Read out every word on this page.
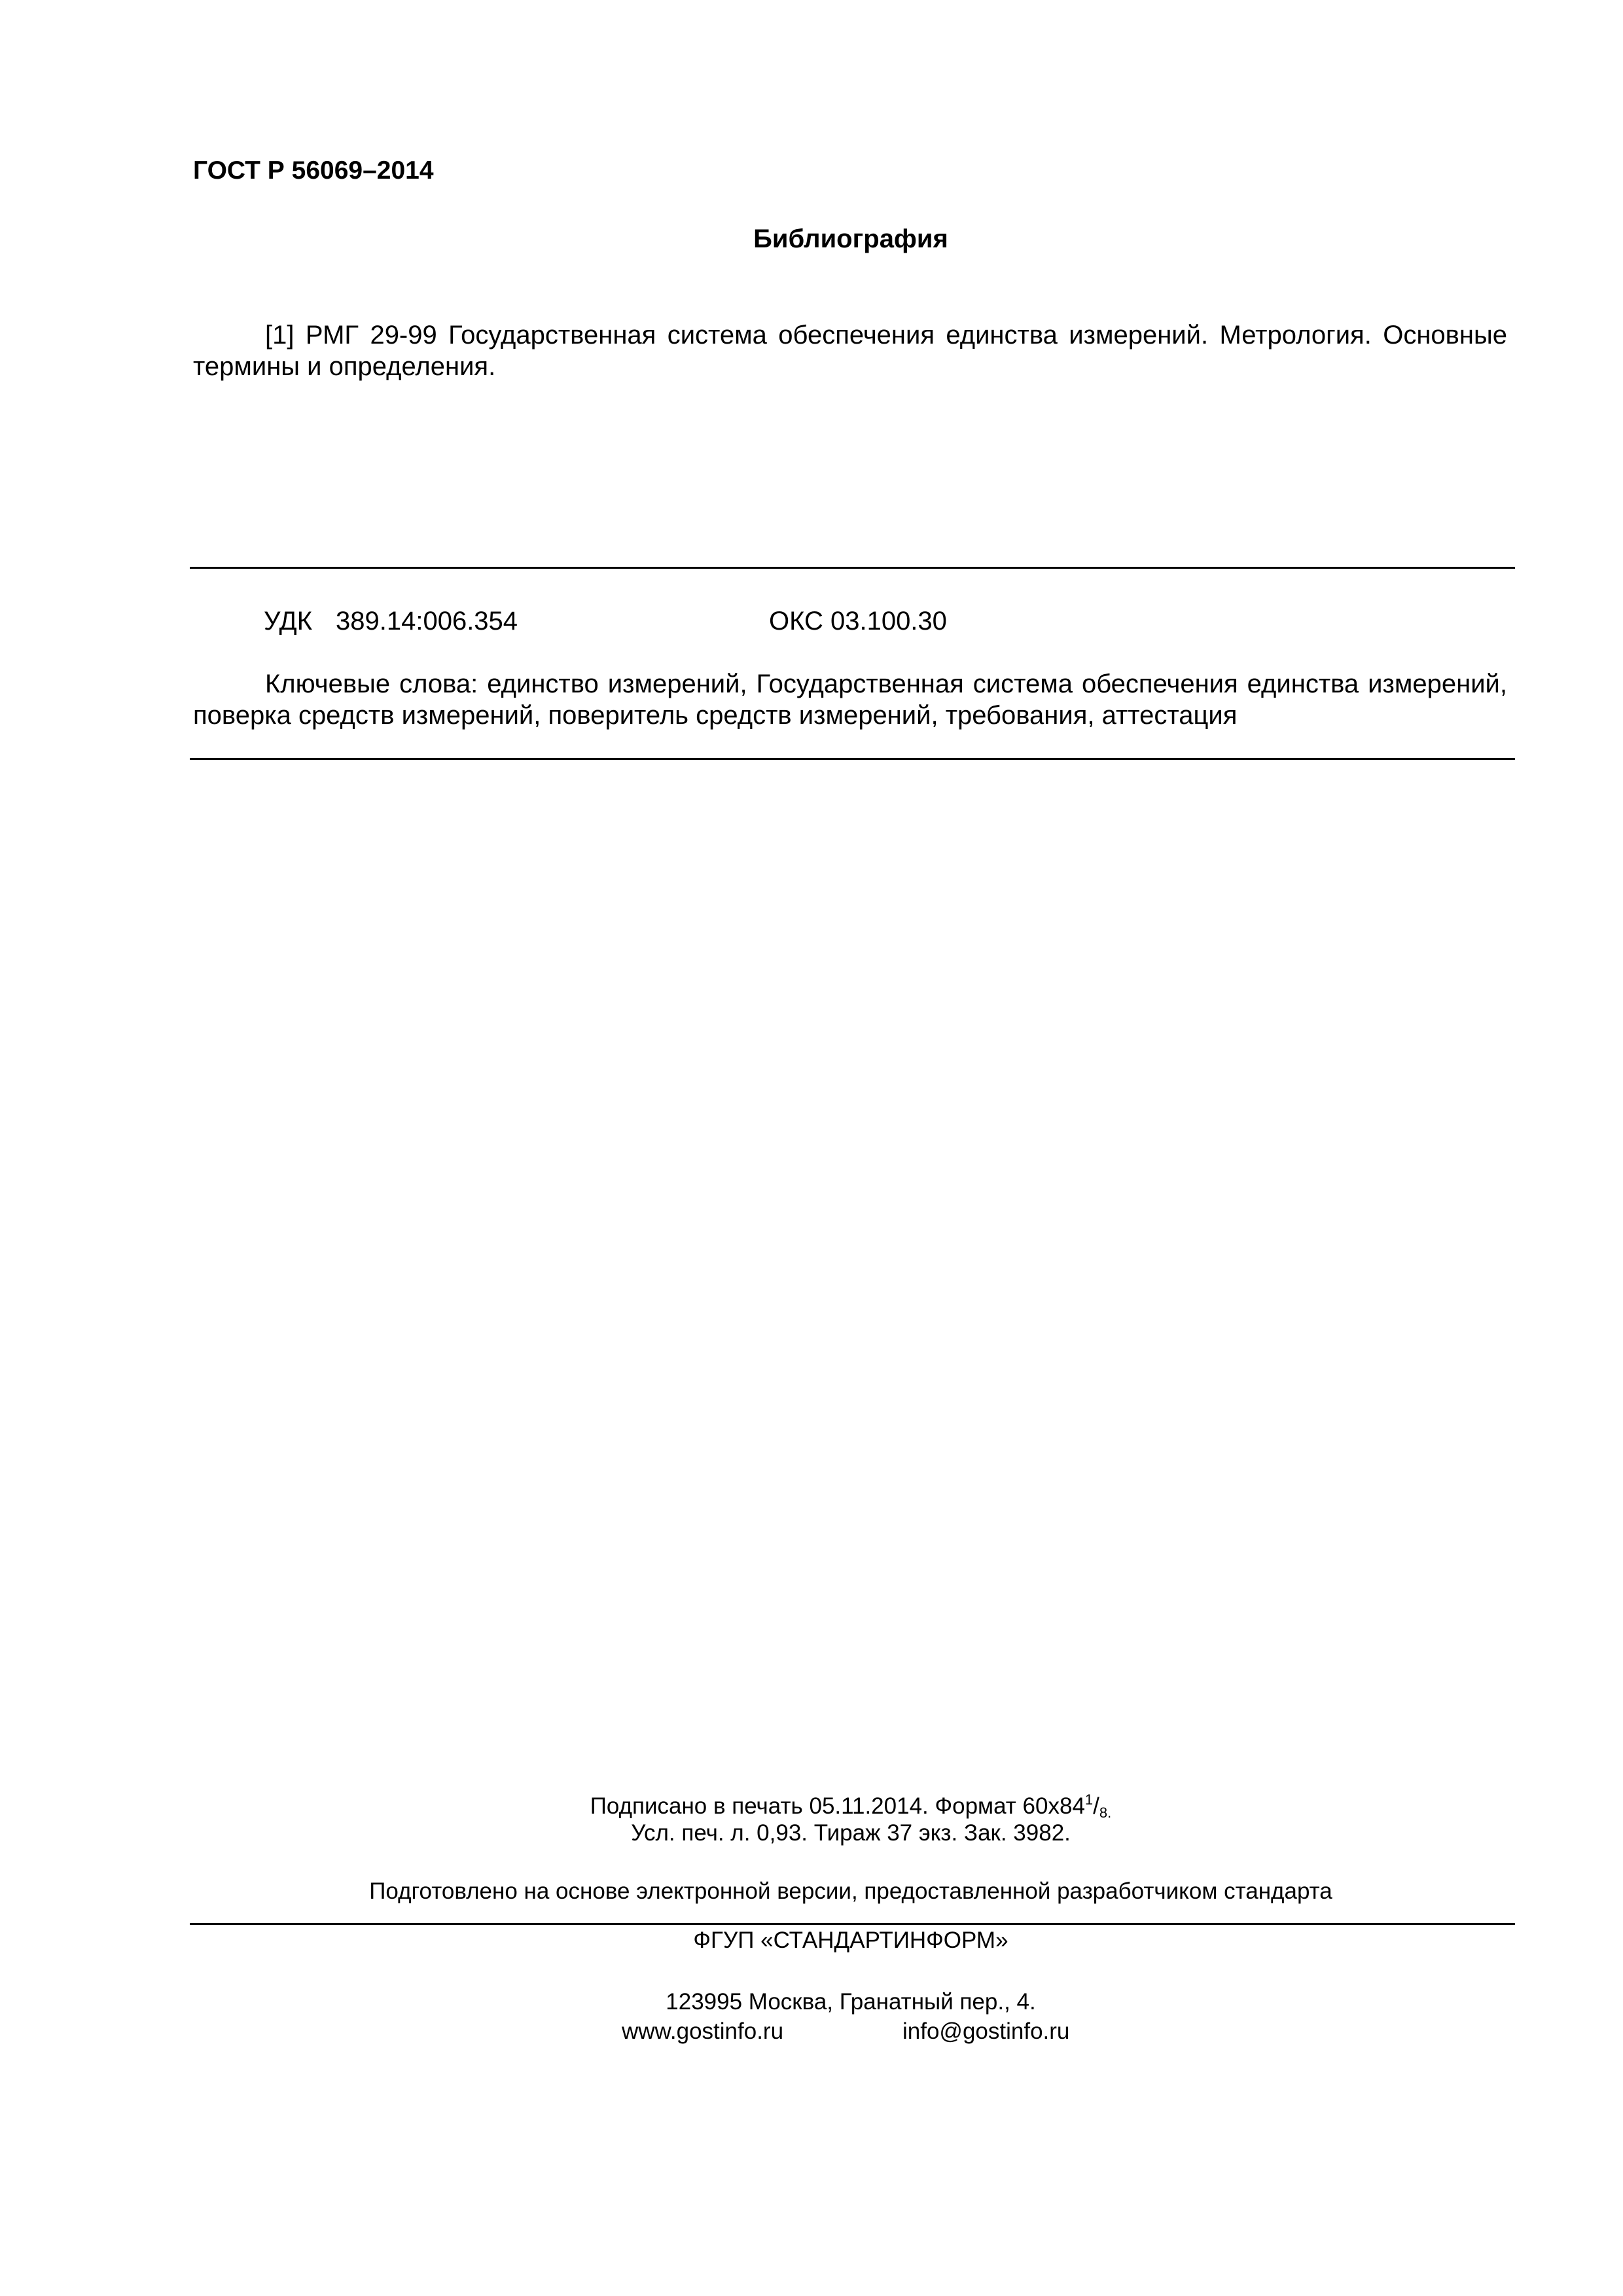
ГОСТ Р 56069–2014
Библиография
[1] РМГ 29-99 Государственная система обеспечения единства измерений. Метрология. Основные термины и определения.
УДК 389.14:006.354	ОКС 03.100.30
Ключевые слова: единство измерений, Государственная система обеспечения единства измерений, поверка средств измерений, поверитель средств измерений, требования, аттестация
Подписано в печать 05.11.2014. Формат $60х84^1/_{8.}$
Усл. печ. л. 0,93. Тираж 37 экз. Зак. 3982.
Подготовлено на основе электронной версии, предоставленной разработчиком стандарта
ФГУП «СТАНДАРТИНФОРМ»
123995 Москва, Гранатный пер., 4.
www.gostinfo.ru	info@gostinfo.ru
